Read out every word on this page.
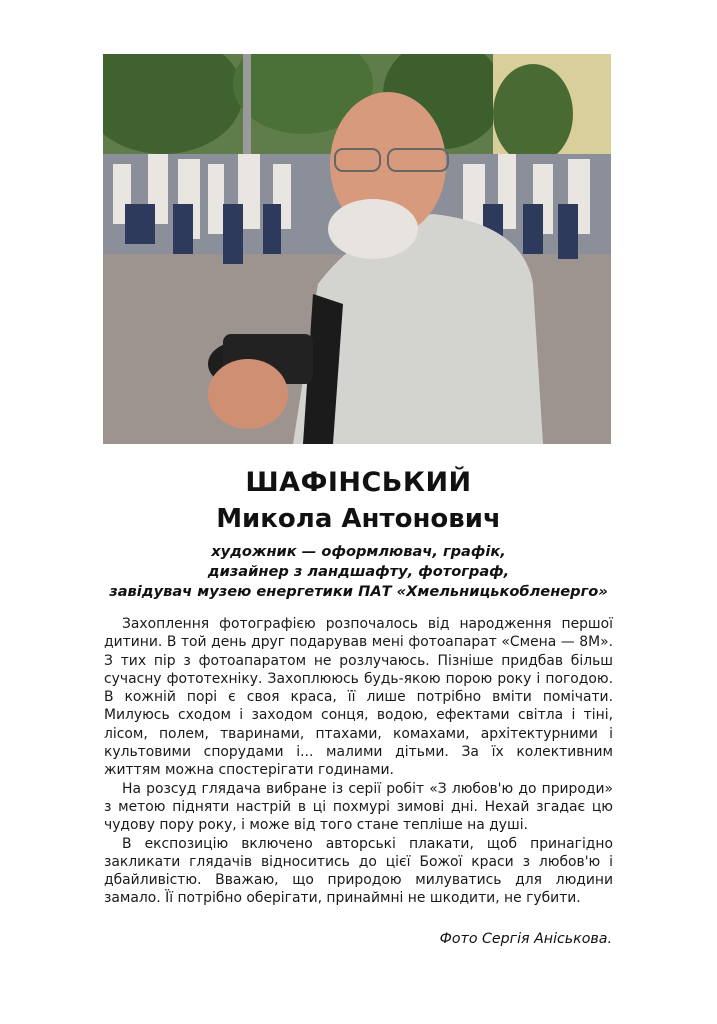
ШАФІНСЬКИЙ
Микола Антонович
художник — оформлювач, графік,
дизайнер з ландшафту, фотограф,
завідувач музею енергетики ПАТ «Хмельницькобленерго»

Захоплення фотографією розпочалось від народження першої дитини. В той день друг подарував мені фотоапарат «Смена — 8М». З тих пір з фотоапаратом не розлучаюсь. Пізніше придбав більш сучасну фототехніку. Захоплююсь будь-якою порою року і погодою. В кожній порі є своя краса, її лише потрібно вміти помічати. Милуюсь сходом і заходом сонця, водою, ефектами світла і тіні, лісом, полем, тваринами, птахами, комахами, архітектурними і культовими спорудами і... малими дітьми. За їх колективним життям можна спостерігати годинами.

На розсуд глядача вибране із серії робіт «З любов'ю до природи» з метою підняти настрій в ці похмурі зимові дні. Нехай згадає цю чудову пору року, і може від того стане тепліше на душі.

В експозицію включено авторські плакати, щоб принагідно закликати глядачів відноситись до цієї Божої краси з любов'ю і дбайливістю. Вважаю, що природою милуватись для людини замало. Її потрібно оберігати, принаймні не шкодити, не губити.

Фото Сергія Аніськова.
